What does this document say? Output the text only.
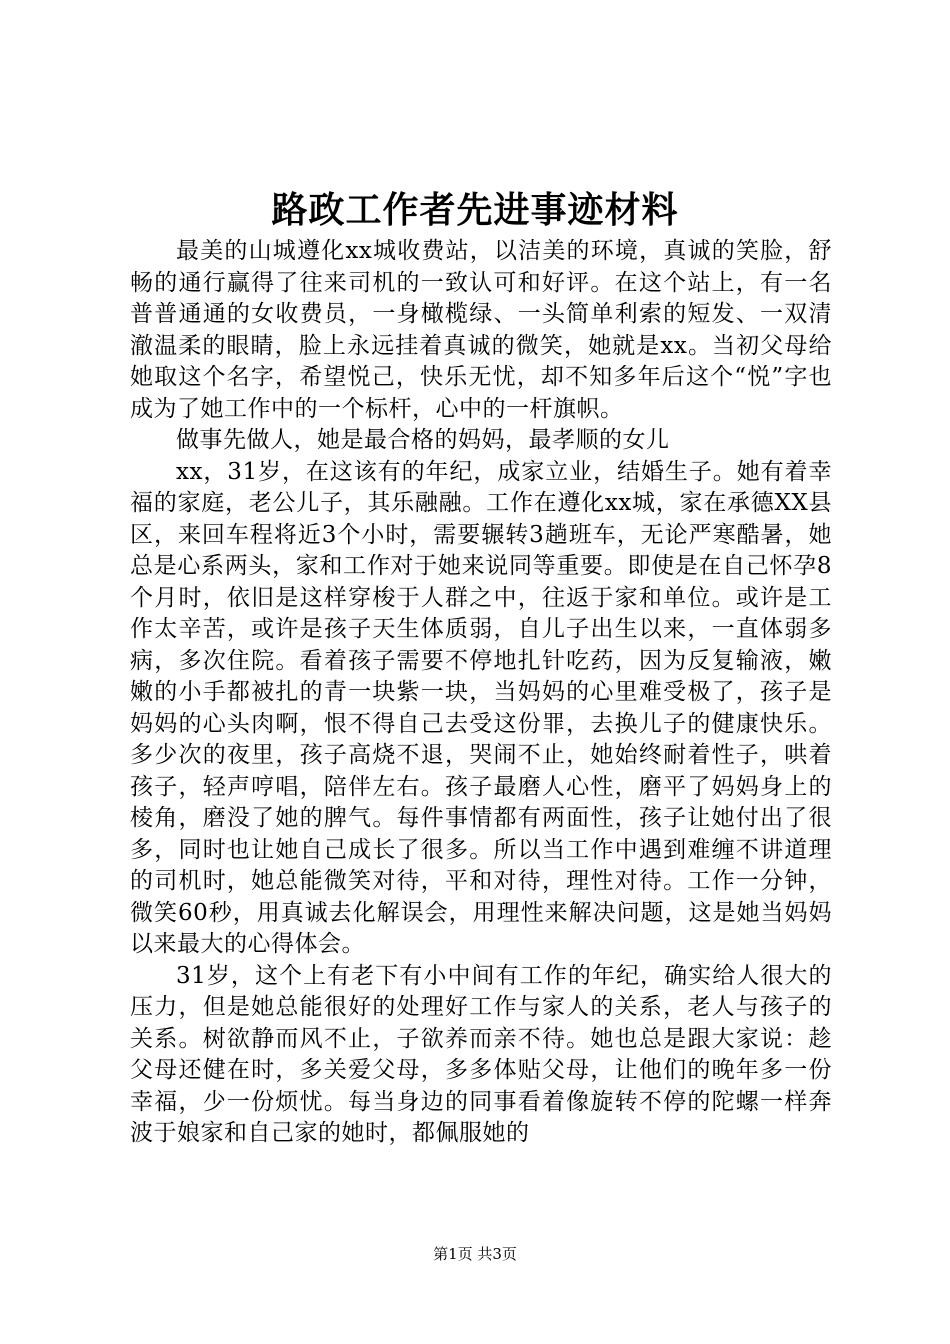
路政工作者先进事迹材料

最美的山城遵化xx城收费站，以洁美的环境，真诚的笑脸，舒畅的通行赢得了往来司机的一致认可和好评。在这个站上，有一名普普通通的女收费员，一身橄榄绿、一头简单利索的短发、一双清澈温柔的眼睛，脸上永远挂着真诚的微笑，她就是xx。当初父母给她取这个名字，希望悦己，快乐无忧，却不知多年后这个“悦”字也成为了她工作中的一个标杆，心中的一杆旗帜。

做事先做人，她是最合格的妈妈，最孝顺的女儿

xx，31岁，在这该有的年纪，成家立业，结婚生子。她有着幸福的家庭，老公儿子，其乐融融。工作在遵化xx城，家在承德XX县区，来回车程将近3个小时，需要辗转3趟班车，无论严寒酷暑，她总是心系两头，家和工作对于她来说同等重要。即使是在自己怀孕8个月时，依旧是这样穿梭于人群之中，往返于家和单位。或许是工作太辛苦，或许是孩子天生体质弱，自儿子出生以来，一直体弱多病，多次住院。看着孩子需要不停地扎针吃药，因为反复输液，嫩嫩的小手都被扎的青一块紫一块，当妈妈的心里难受极了，孩子是妈妈的心头肉啊，恨不得自己去受这份罪，去换儿子的健康快乐。多少次的夜里，孩子高烧不退，哭闹不止，她始终耐着性子，哄着孩子，轻声哼唱，陪伴左右。孩子最磨人心性，磨平了妈妈身上的棱角，磨没了她的脾气。每件事情都有两面性，孩子让她付出了很多，同时也让她自己成长了很多。所以当工作中遇到难缠不讲道理的司机时，她总能微笑对待，平和对待，理性对待。工作一分钟，微笑60秒，用真诚去化解误会，用理性来解决问题，这是她当妈妈以来最大的心得体会。

31岁，这个上有老下有小中间有工作的年纪，确实给人很大的压力，但是她总能很好的处理好工作与家人的关系，老人与孩子的关系。树欲静而风不止，子欲养而亲不待。她也总是跟大家说：趁父母还健在时，多关爱父母，多多体贴父母，让他们的晚年多一份幸福，少一份烦忧。每当身边的同事看着像旋转不停的陀螺一样奔波于娘家和自己家的她时，都佩服她的

第1页 共3页
